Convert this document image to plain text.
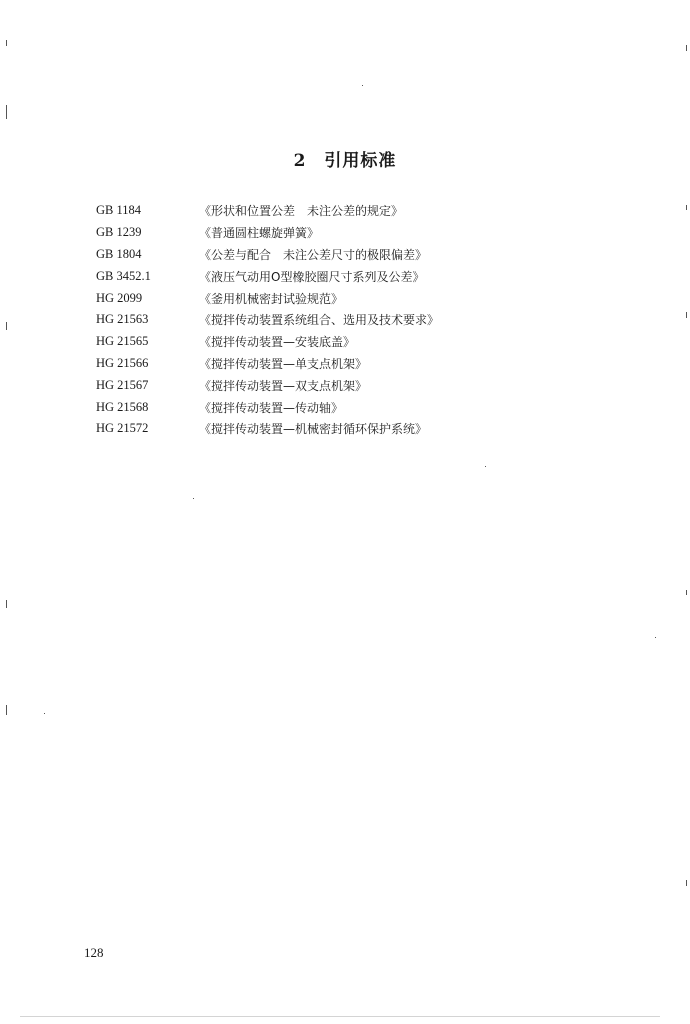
2 引用标准
GB 1184	《形状和位置公差　未注公差的规定》
GB 1239	《普通圆柱螺旋弹簧》
GB 1804	《公差与配合　未注公差尺寸的极限偏差》
GB 3452.1	《液压气动用O型橡胶圈尺寸系列及公差》
HG 2099	《釜用机械密封试验规范》
HG 21563	《搅拌传动装置系统组合、选用及技术要求》
HG 21565	《搅拌传动装置—安装底盖》
HG 21566	《搅拌传动装置—单支点机架》
HG 21567	《搅拌传动装置—双支点机架》
HG 21568	《搅拌传动装置—传动轴》
HG 21572	《搅拌传动装置—机械密封循环保护系统》
128
